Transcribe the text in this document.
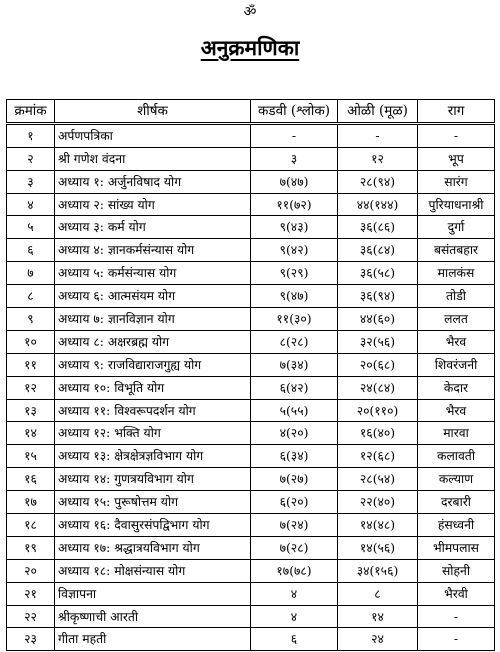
ॐ
अनुक्रमणिका
क्रमांक	शीर्षक	कडवी (श्लोक)	ओळी (मूळ)	राग
१	अर्पणपत्रिका	-	-	-
२	श्री गणेश वंदना	३	१२	भूप
३	अध्याय १: अर्जुनविषाद योग	७(४७)	२८(९४)	सारंग
४	अध्याय २: सांख्य योग	११(७२)	४४(१४४)	पुरियाधनाश्री
५	अध्याय ३: कर्म योग	९(४३)	३६(८६)	दुर्गा
६	अध्याय ४: ज्ञानकर्मसंन्यास योग	९(४२)	३६(८४)	बसंतबहार
७	अध्याय ५: कर्मसंन्यास योग	९(२९)	३६(५८)	मालकंस
८	अध्याय ६: आत्मसंयम योग	९(४७)	३६(९४)	तोडी
९	अध्याय ७: ज्ञानविज्ञान योग	११(३०)	४४(६०)	ललत
१०	अध्याय ८: अक्षरब्रह्म योग	८(२८)	३२(५६)	भैरव
११	अध्याय ९: राजविद्याराजगुह्य योग	७(३४)	२०(६८)	शिवरंजनी
१२	अध्याय १०: विभूति योग	६(४२)	२४(८४)	केदार
१३	अध्याय ११: विश्वरूपदर्शन योग	५(५५)	२०(११०)	भैरव
१४	अध्याय १२: भक्ति योग	४(२०)	१६(४०)	मारवा
१५	अध्याय १३: क्षेत्रक्षेत्रज्ञविभाग योग	६(३४)	१२(६८)	कलावती
१६	अध्याय १४: गुणत्रयविभाग योग	७(२७)	२८(५४)	कल्याण
१७	अध्याय १५: पुरूषोत्तम योग	६(२०)	२२(४०)	दरबारी
१८	अध्याय १६: दैवासुरसंपद्विभाग योग	७(२४)	१४(४८)	हंसध्वनी
१९	अध्याय १७: श्रद्धात्रयविभाग योग	७(२८)	१४(५६)	भीमपलास
२०	अध्याय १८: मोक्षसंन्यास योग	१७(७८)	३४(१५६)	सोहनी
२१	विज्ञापना	४	८	भैरवी
२२	श्रीकृष्णाची आरती	४	१४	-
२३	गीता महती	६	२४	-
